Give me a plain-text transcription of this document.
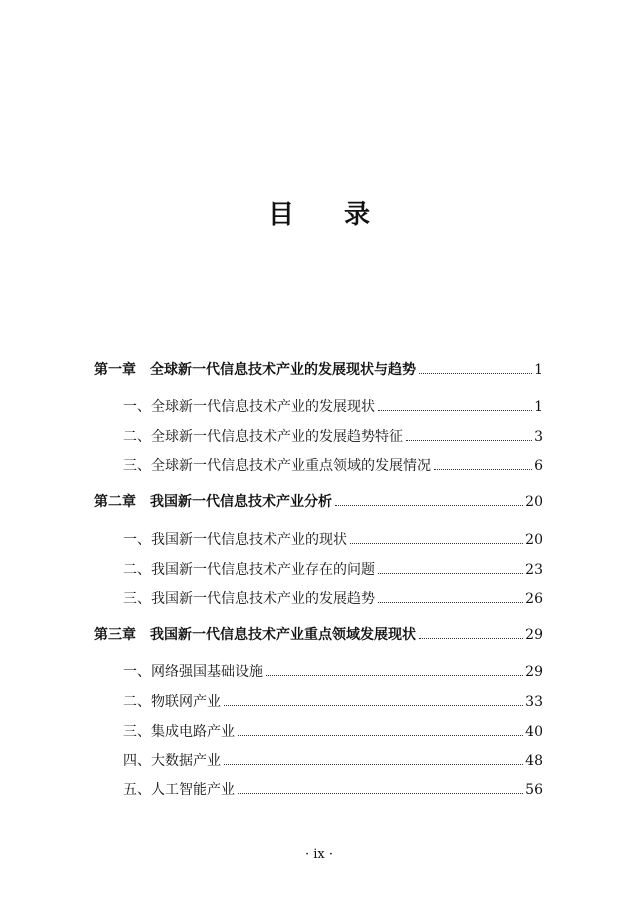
目 录
第一章	全球新一代信息技术产业的发展现状与趋势	1
一、全球新一代信息技术产业的发展现状	1
二、全球新一代信息技术产业的发展趋势特征	3
三、全球新一代信息技术产业重点领域的发展情况	6
第二章	我国新一代信息技术产业分析	20
一、我国新一代信息技术产业的现状	20
二、我国新一代信息技术产业存在的问题	23
三、我国新一代信息技术产业的发展趋势	26
第三章	我国新一代信息技术产业重点领域发展现状	29
一、网络强国基础设施	29
二、物联网产业	33
三、集成电路产业	40
四、大数据产业	48
五、人工智能产业	56
· ix ·
